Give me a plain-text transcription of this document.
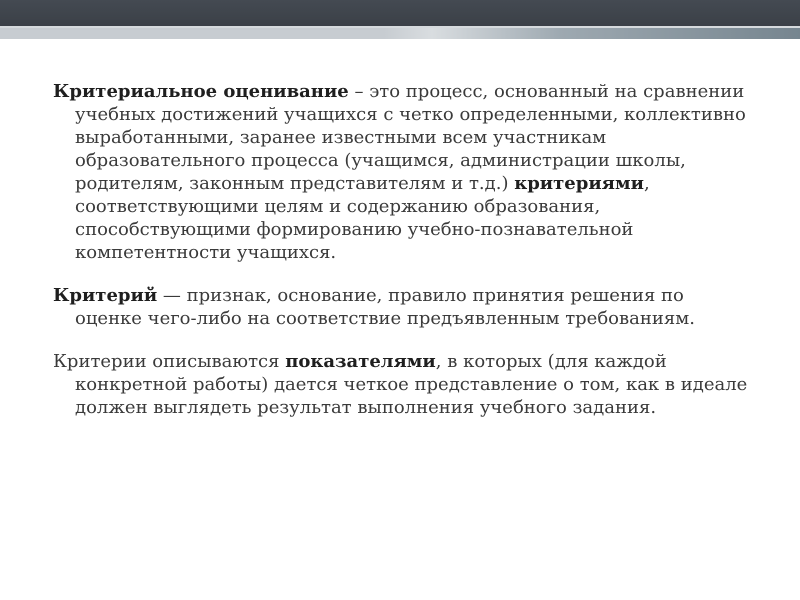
Критериальное оценивание – это процесс, основанный на сравнении учебных достижений учащихся с четко определенными, коллективно выработанными, заранее известными всем участникам образовательного процесса (учащимся, администрации школы, родителям, законным представителям и т.д.) критериями, соответствующими целям и содержанию образования, способствующими формированию учебно-познавательной компетентности учащихся.

Критерий — признак, основание, правило принятия решения по оценке чего-либо на соответствие предъявленным требованиям.

Критерии описываются показателями, в которых (для каждой конкретной работы) дается четкое представление о том, как в идеале должен выглядеть результат выполнения учебного задания.
